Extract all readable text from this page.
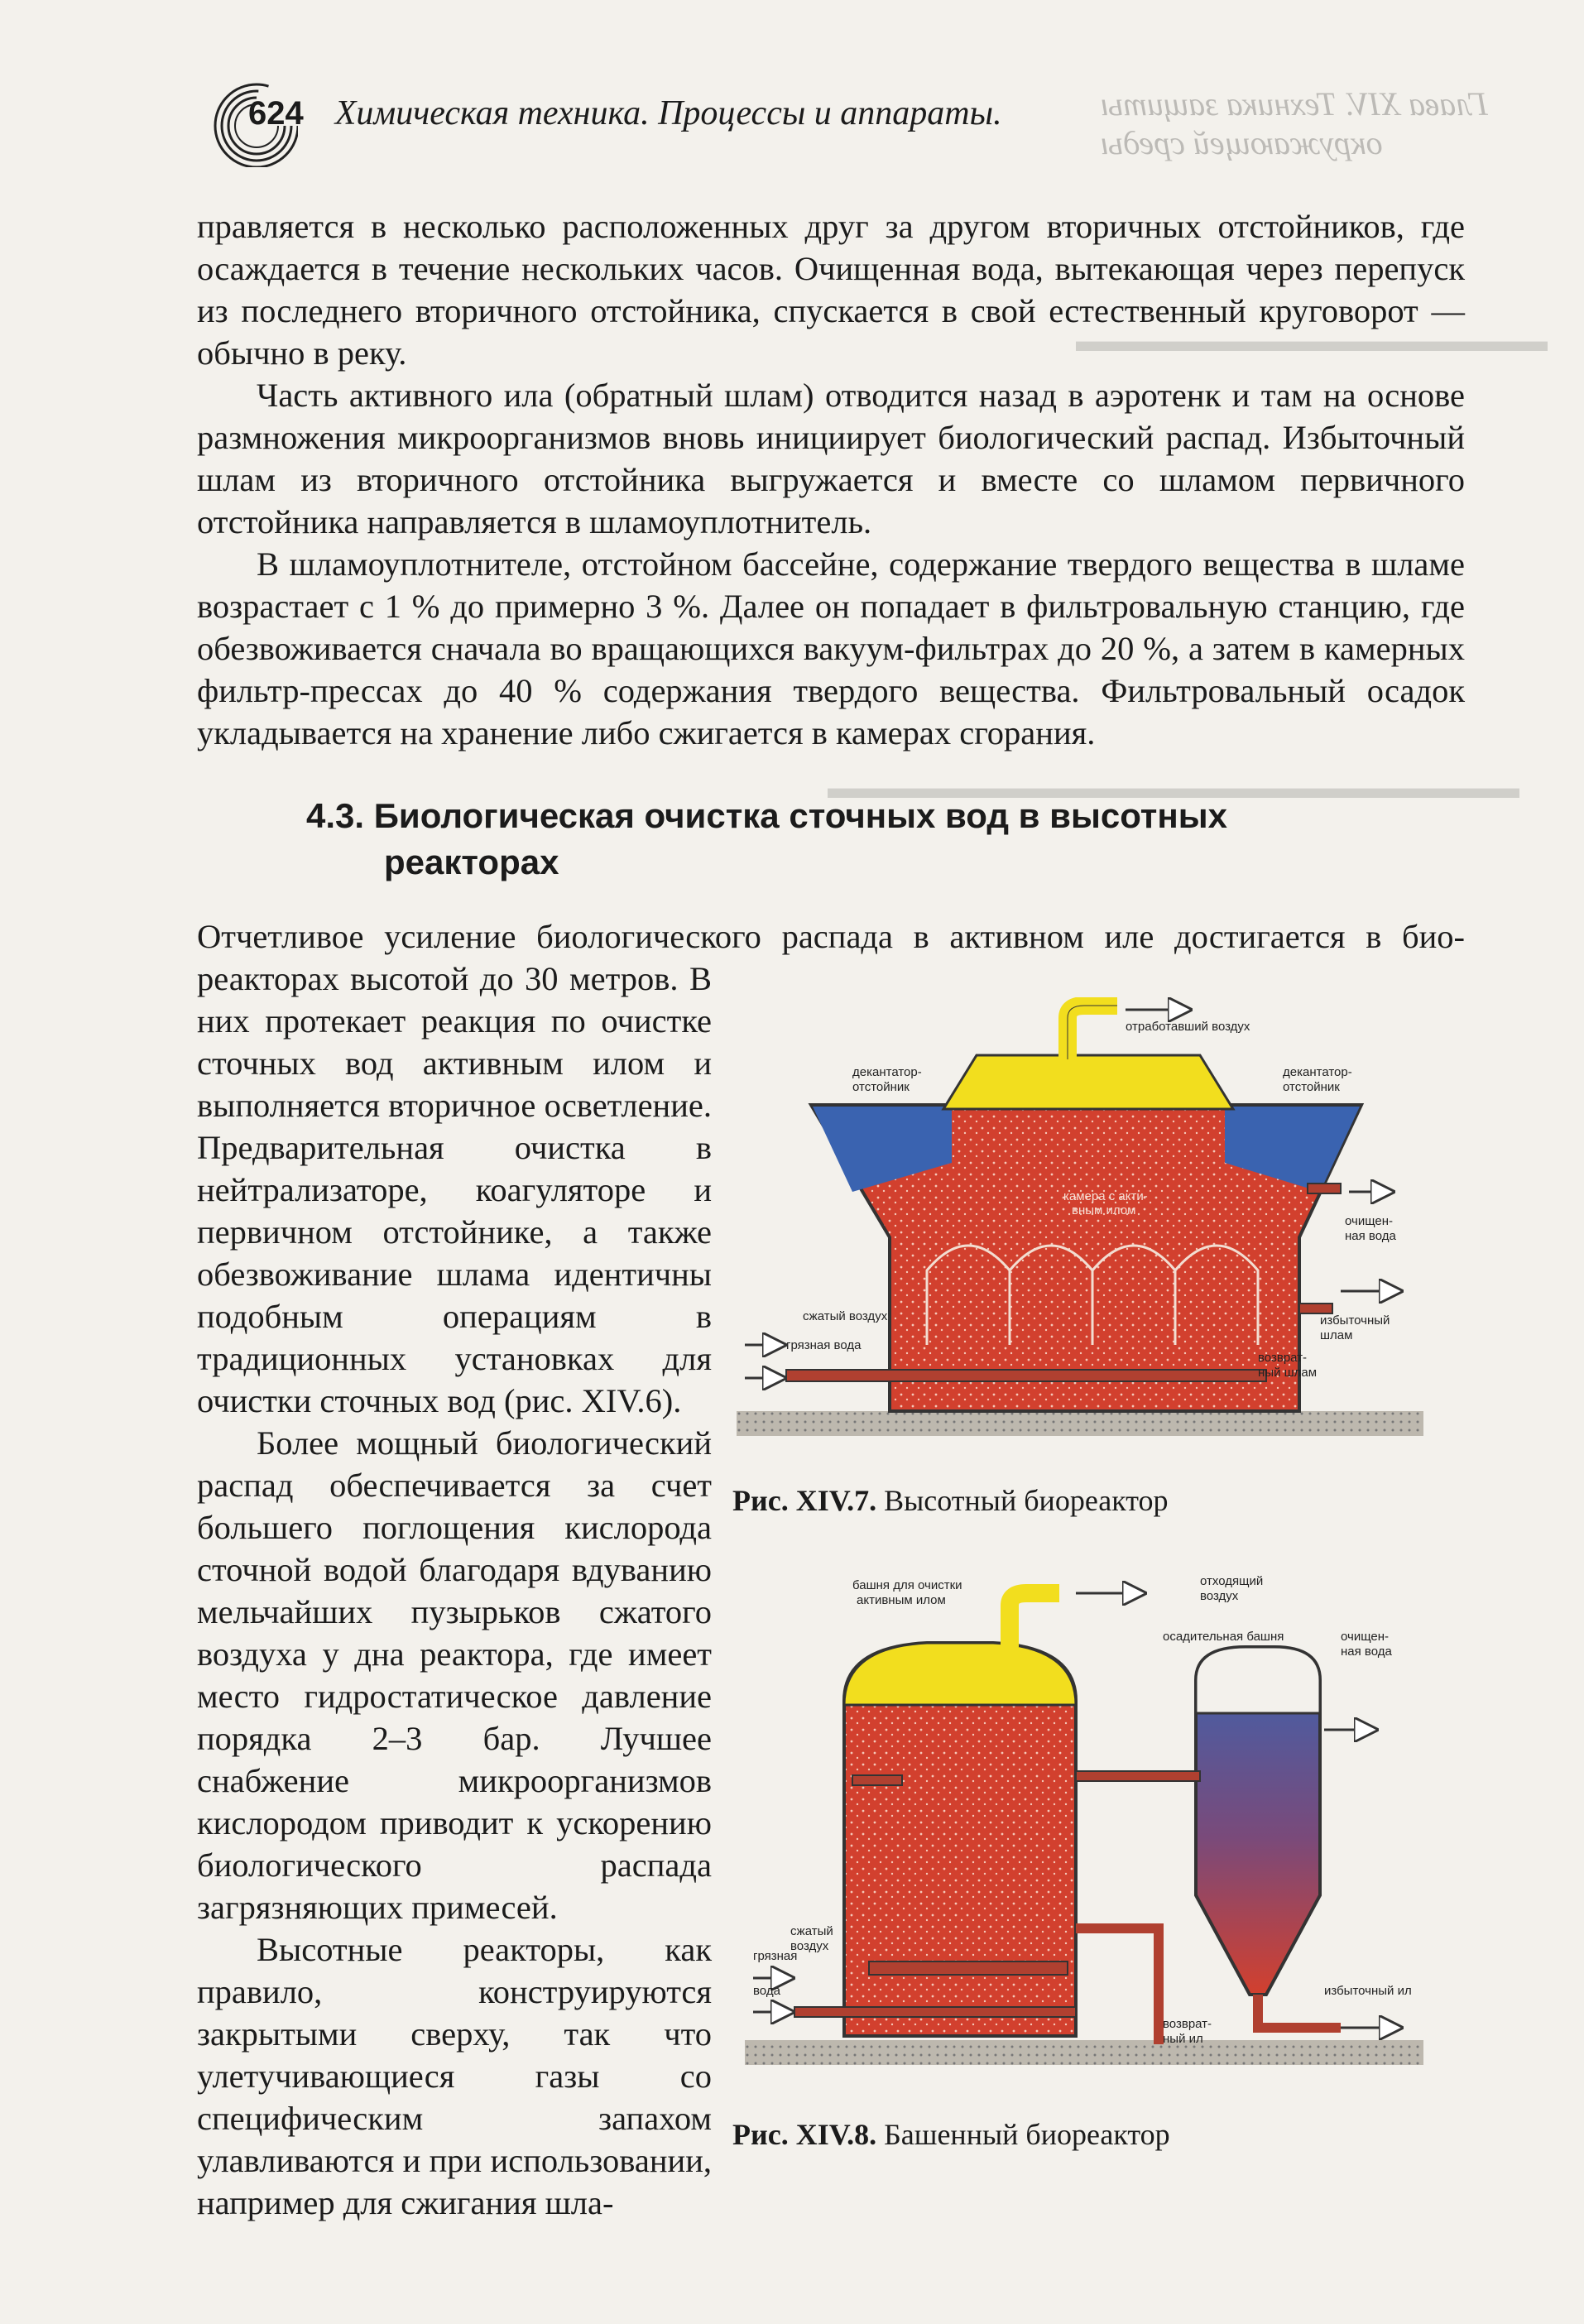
Глава XIV. Техника защиты окружающей среды
▬▬▬▬▬▬▬▬▬▬▬▬▬▬▬
▬▬▬▬▬▬▬▬▬▬▬▬▬▬▬▬▬▬▬▬▬▬
624 Химическая техника. Процессы и аппараты.

правляется в несколько расположенных друг за другом вторичных отстойников, где осаждается в течение нескольких часов. Очищенная вода, вытекающая через перепуск из последнего вторичного отстойника, спускается в свой естественный круговорот — обычно в реку.

Часть активного ила (обратный шлам) отводится назад в аэротенк и там на основе размножения микроорганизмов вновь инициирует биологический распад. Избыточный шлам из вторичного отстойника выгружается и вместе со шламом первичного отстойника направляется в шламоуплотнитель.

В шламоуплотнителе, отстойном бассейне, содержание твердого вещества в шламе возрастает с 1 % до примерно 3 %. Далее он попадает в фильтровальную станцию, где обезвоживается сначала во вращающихся вакуум-фильтрах до 20 %, а затем в камерных фильтр-прессах до 40 % содержания твердого вещества. Фильтровальный осадок укладывается на хранение либо сжигается в камерах сгорания.

4.3. Биологическая очистка сточных вод в высотных
реакторах

Отчетливое усиление биологического распада в активном иле достигается в био-

реакторах высотой до 30 метров. В них протекает реакция по очистке сточных вод активным илом и выполняется вторичное осветление. Предварительная очистка в нейтрализаторе, коагуляторе и первичном отстойнике, а также обезвоживание шлама идентичны подобным операциям в традиционных установках для очистки сточных вод (рис. XIV.6).

Более мощный биологический распад обеспечивается за счет большего поглощения кислорода сточной водой благодаря вдуванию мельчайших пузырьков сжатого воздуха у дна реактора, где имеет место гидростатическое давление порядка 2–3 бар. Лучшее снабжение микроорганизмов кислородом приводит к ускорению биологического распада загрязняющих примесей.

Высотные реакторы, как правило, конструируются закрытыми сверху, так что улетучивающиеся газы со специфическим запахом улавливаются и при использовании, например для сжигания шла-

отработавший воздух
декантатор-
отстойник
декантатор-
отстойник
камера с акти-
вным илом
очищен-
ная вода
сжатый воздух
грязная вода
избыточный
шлам
возврат-
ный шлам
Рис. XIV.7. Высотный биореактор
башня для очистки
активным илом
отходящий
воздух
осадительная башня	очищен-
ная вода
сжатый
воздух
грязная
вода	избыточный ил
возврат-
ный ил
Рис. XIV.8. Башенный биореактор
